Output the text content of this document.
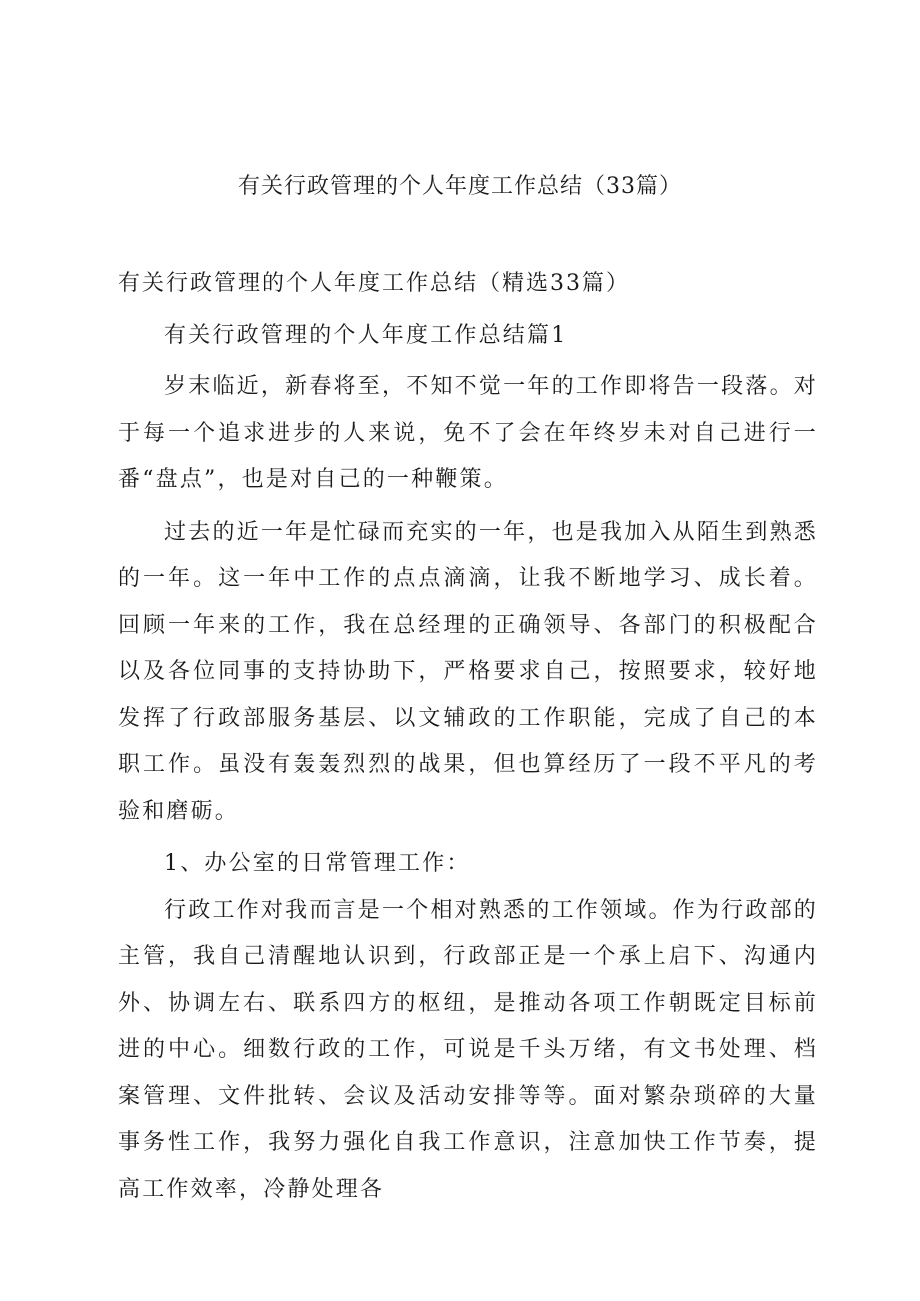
有关行政管理的个人年度工作总结（33篇）

有关行政管理的个人年度工作总结（精选33篇）

有关行政管理的个人年度工作总结篇1

岁末临近，新春将至，不知不觉一年的工作即将告一段落。对于每一个追求进步的人来说，免不了会在年终岁未对自己进行一番“盘点”，也是对自己的一种鞭策。

过去的近一年是忙碌而充实的一年，也是我加入从陌生到熟悉的一年。这一年中工作的点点滴滴，让我不断地学习、成长着。回顾一年来的工作，我在总经理的正确领导、各部门的积极配合以及各位同事的支持协助下，严格要求自己，按照要求，较好地发挥了行政部服务基层、以文辅政的工作职能，完成了自己的本职工作。虽没有轰轰烈烈的战果，但也算经历了一段不平凡的考验和磨砺。

1、办公室的日常管理工作：

行政工作对我而言是一个相对熟悉的工作领域。作为行政部的主管，我自己清醒地认识到，行政部正是一个承上启下、沟通内外、协调左右、联系四方的枢纽，是推动各项工作朝既定目标前进的中心。细数行政的工作，可说是千头万绪，有文书处理、档案管理、文件批转、会议及活动安排等等。面对繁杂琐碎的大量事务性工作，我努力强化自我工作意识，注意加快工作节奏，提高工作效率，冷静处理各
